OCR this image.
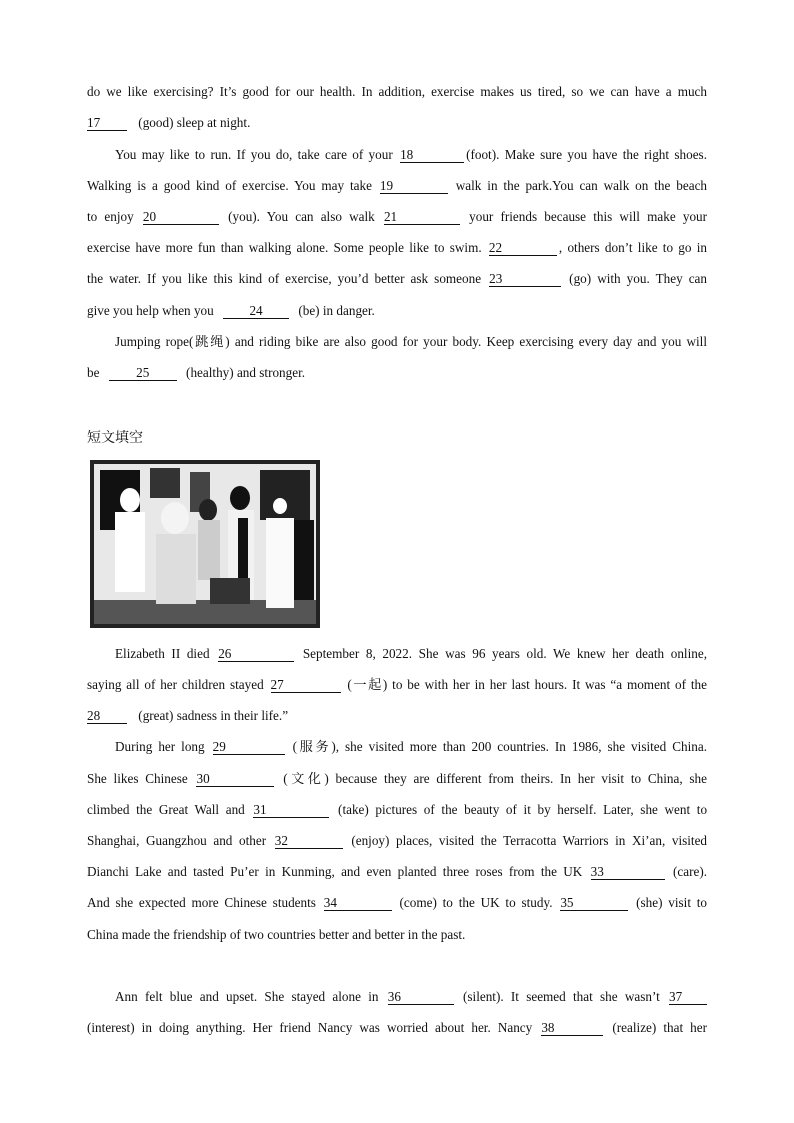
do we like exercising? It’s good for our health. In addition, exercise makes us tired, so we can have a much
17	(good) sleep at night.
You may like to run. If you do, take care of your 18	(foot). Make sure you have the right shoes.
Walking is a good kind of exercise. You may take 19	walk in the park.You can walk on the beach
to enjoy 20	(you). You can also walk 21	your friends because this will make your
exercise have more fun than walking alone. Some people like to swim. 22	, others don’t like to go in
the water. If you like this kind of exercise, you’d better ask someone 23	(go) with you. They can
give you help when you	24	(be) in danger.
Jumping rope(跳绳) and riding bike are also good for your body. Keep exercising every day and you will
be	25	(healthy) and stronger.
短文填空
Elizabeth II died 26	September 8, 2022. She was 96 years old. We knew her death online,
saying all of her children stayed 27	(一起) to be with her in her last hours. It was “a moment of the
28	(great) sadness in their life.”
During her long 29	(服务), she visited more than 200 countries. In 1986, she visited China.
She likes Chinese 30	(文化) because they are different from theirs. In her visit to China, she
climbed the Great Wall and 31	(take) pictures of the beauty of it by herself. Later, she went to
Shanghai, Guangzhou and other 32	(enjoy) places, visited the Terracotta Warriors in Xi’an, visited
Dianchi Lake and tasted Pu’er in Kunming, and even planted three roses from the UK 33	(care).
And she expected more Chinese students 34	(come) to the UK to study. 35	(she) visit to
China made the friendship of two countries better and better in the past.
Ann felt blue and upset. She stayed alone in 36	(silent). It seemed that she wasn’t 37
(interest) in doing anything. Her friend Nancy was worried about her. Nancy 38	(realize) that her
